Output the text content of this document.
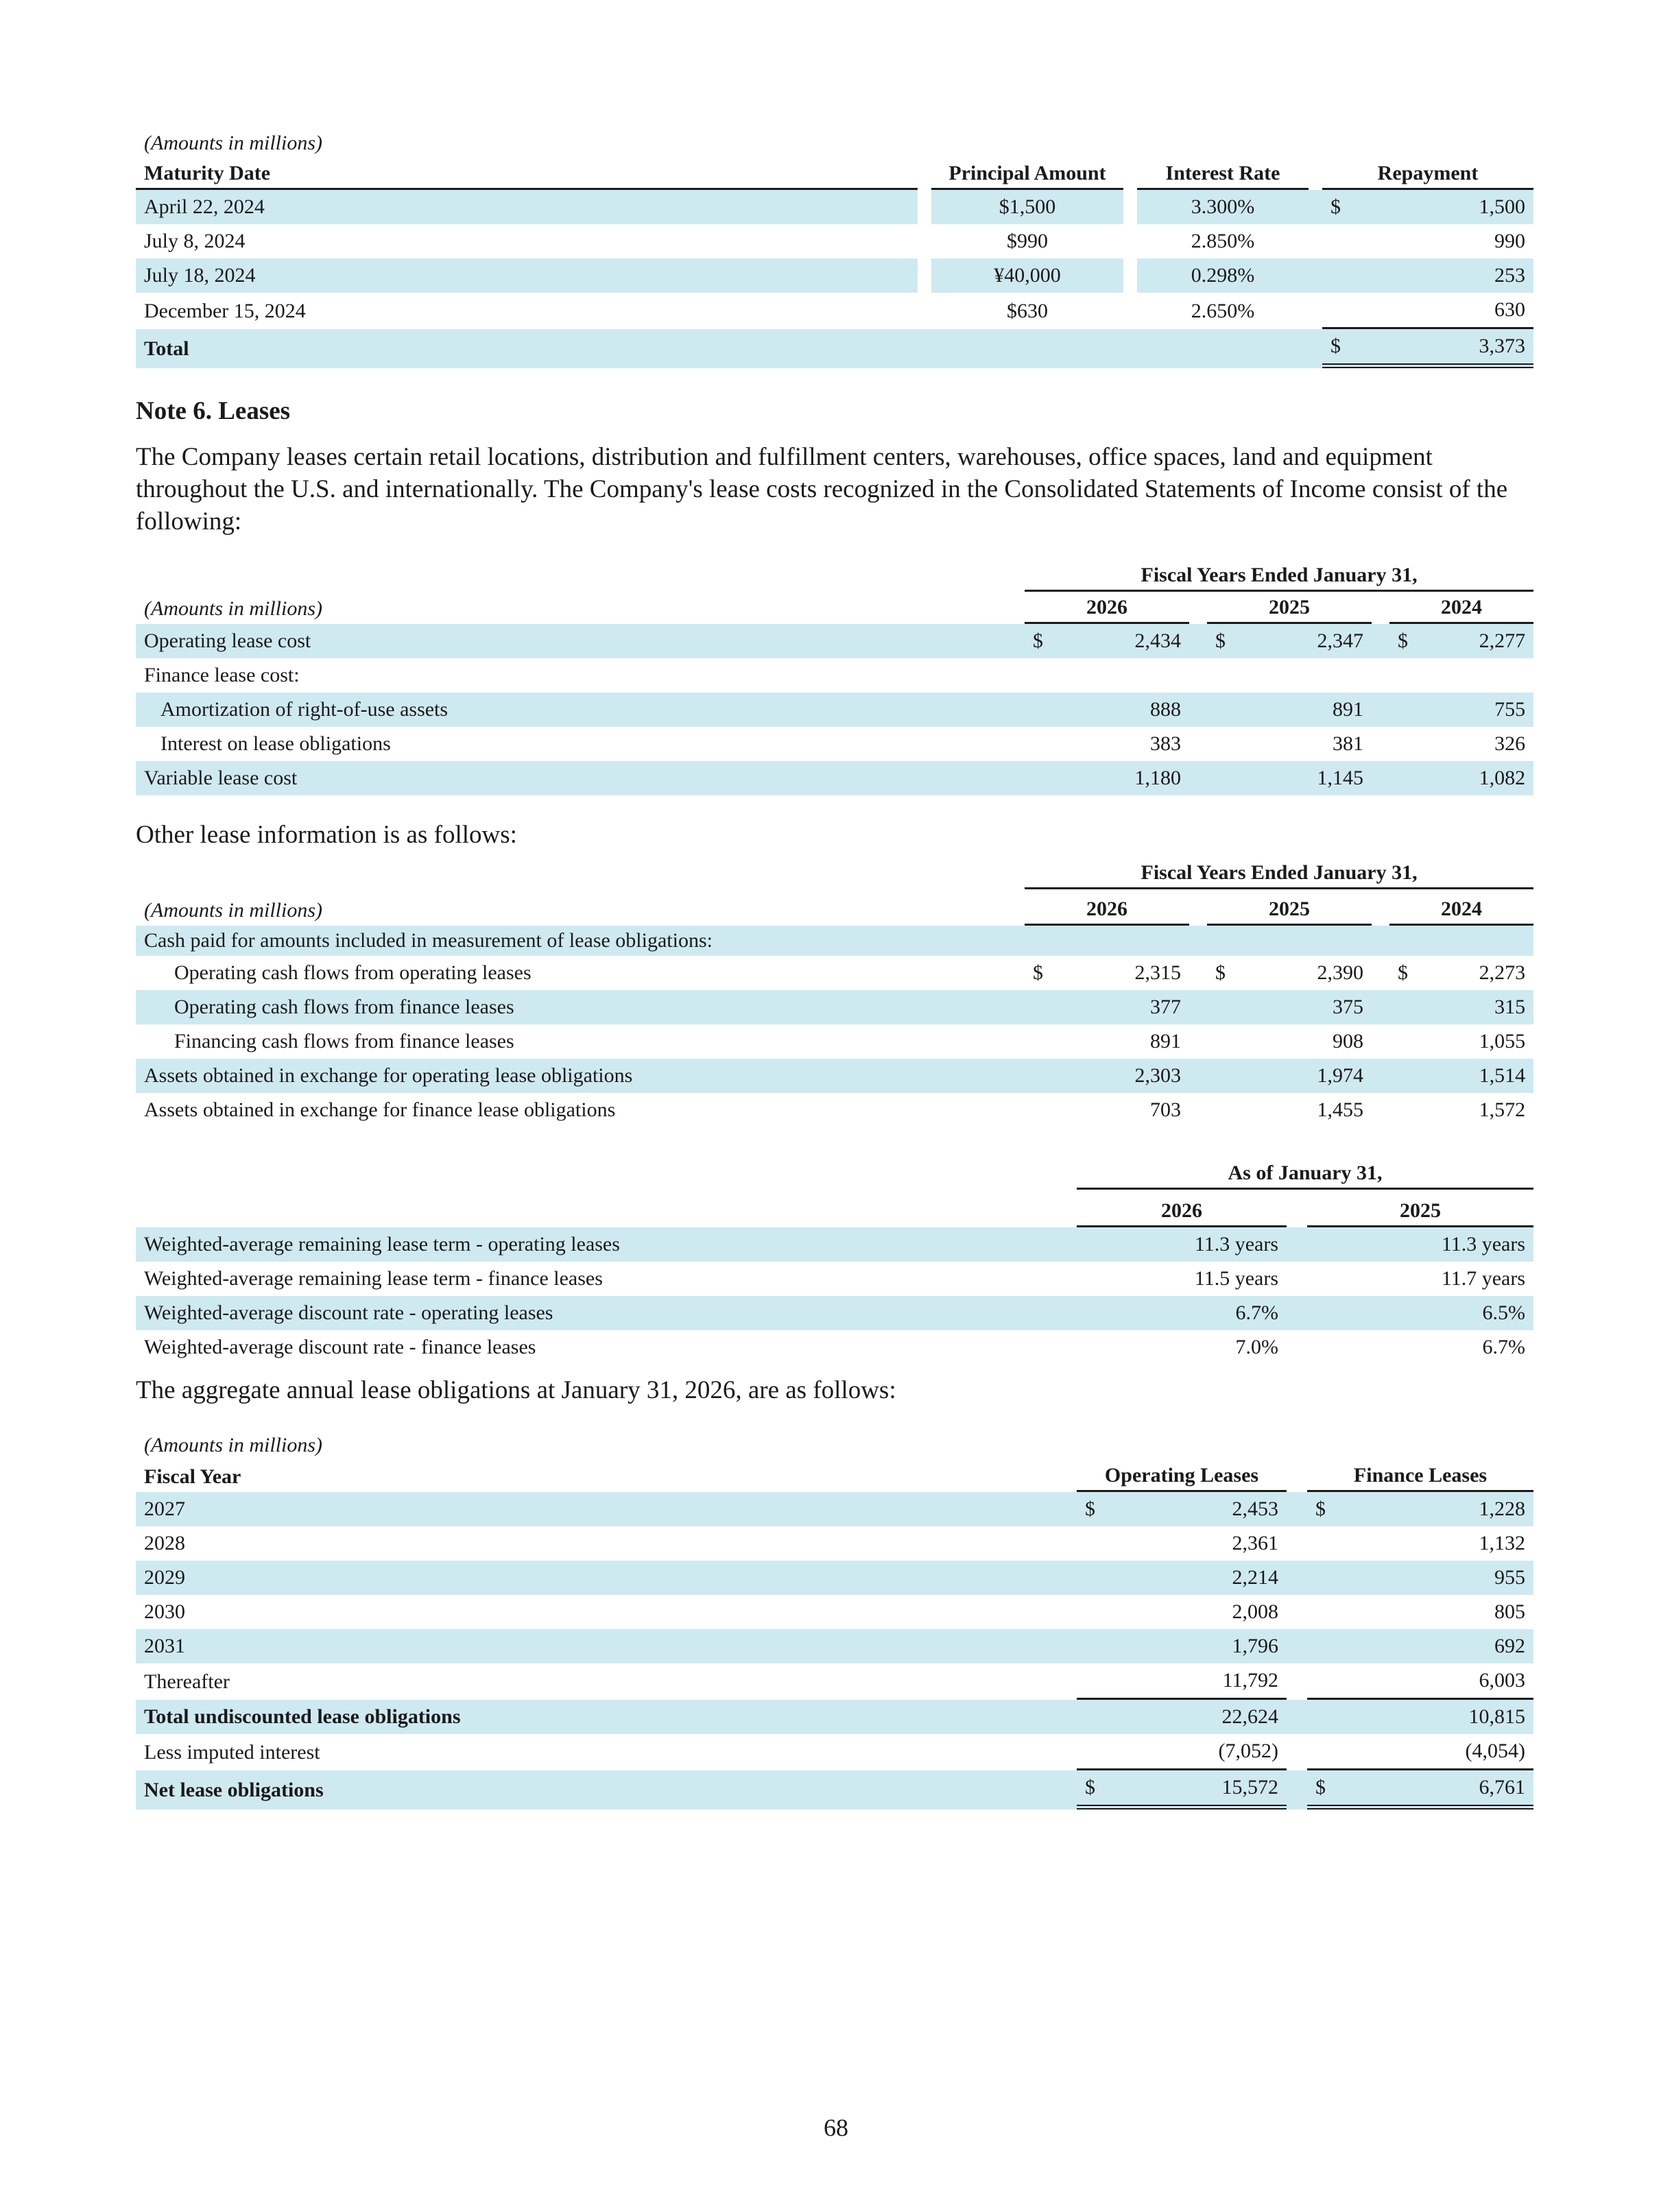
(Amounts in millions)							
Maturity Date		Principal Amount		Interest Rate		Repayment	
April 22, 2024		$1,500		3.300%		$	1,500
July 8, 2024		$990		2.850%			990
July 18, 2024		¥40,000		0.298%			253
December 15, 2024		$630		2.650%			630
Total						$	3,373
Note 6. Leases
The Company leases certain retail locations, distribution and fulfillment centers, warehouses, office spaces, land and equipment throughout the U.S. and internationally. The Company's lease costs recognized in the Consolidated Statements of Income consist of the following:
	Fiscal Years Ended January 31,							
(Amounts in millions)	2026			2025			2024	
Operating lease cost	$	2,434		$	2,347		$	2,277
Finance lease cost:								
Amortization of right-of-use assets		888			891			755
Interest on lease obligations		383			381			326
Variable lease cost		1,180			1,145			1,082
Other lease information is as follows:
	Fiscal Years Ended January 31,							
(Amounts in millions)	2026			2025			2024	
Cash paid for amounts included in measurement of lease obligations:								
Operating cash flows from operating leases	$	2,315		$	2,390		$	2,273
Operating cash flows from finance leases		377			375			315
Financing cash flows from finance leases		891			908			1,055
Assets obtained in exchange for operating lease obligations		2,303			1,974			1,514
Assets obtained in exchange for finance lease obligations		703			1,455			1,572
	As of January 31,		
	2026		2025
Weighted-average remaining lease term - operating leases	11.3 years		11.3 years
Weighted-average remaining lease term - finance leases	11.5 years		11.7 years
Weighted-average discount rate - operating leases	6.7%		6.5%
Weighted-average discount rate - finance leases	7.0%		6.7%
The aggregate annual lease obligations at January 31, 2026, are as follows:
(Amounts in millions)					
Fiscal Year	Operating Leases			Finance Leases	
2027	$	2,453		$	1,228
2028		2,361			1,132
2029		2,214			955
2030		2,008			805
2031		1,796			692
Thereafter		11,792			6,003
Total undiscounted lease obligations		22,624			10,815
Less imputed interest		(7,052)			(4,054)
Net lease obligations	$	15,572		$	6,761
68
